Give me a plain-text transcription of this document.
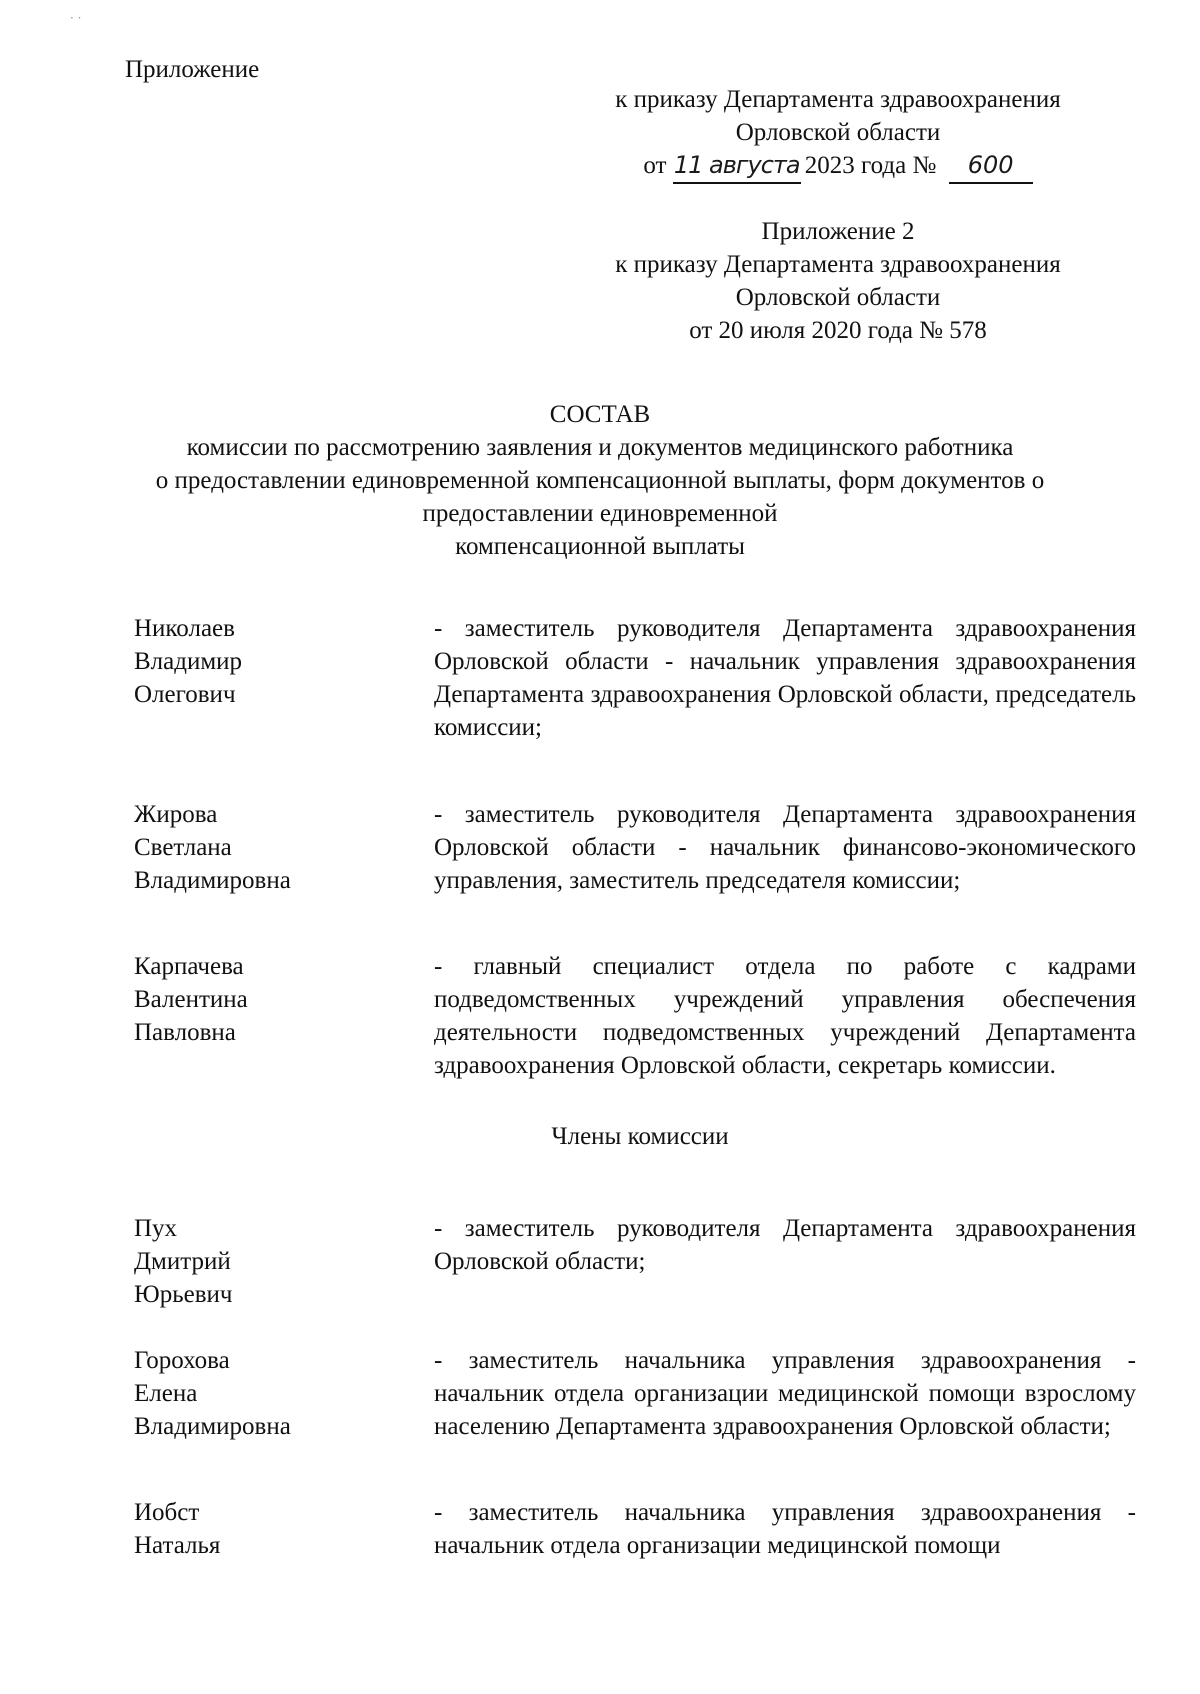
· ·
Приложение
к приказу Департамента здравоохранения
Орловской области
от 11 августа 2023 года № 600
Приложение 2
к приказу Департамента здравоохранения
Орловской области
от 20 июля 2020 года № 578
СОСТАВ
комиссии по рассмотрению заявления и документов медицинского работника
о предоставлении единовременной компенсационной выплаты, форм документов о
предоставлении единовременной
компенсационной выплаты
Николаев
Владимир
Олегович
- заместитель руководителя Департамента здравоохранения Орловской области - начальник управления здравоохранения Департамента здравоохранения Орловской области, председатель комиссии;
Жирова
Светлана
Владимировна
- заместитель руководителя Департамента здравоохранения Орловской области - начальник финансово-экономического управления, заместитель председателя комиссии;
Карпачева
Валентина
Павловна
- главный специалист отдела по работе с кадрами подведомственных учреждений управления обеспечения деятельности подведомственных учреждений Департамента здравоохранения Орловской области, секретарь комиссии.
Члены комиссии
Пух
Дмитрий
Юрьевич
- заместитель руководителя Департамента здравоохранения Орловской области;
Горохова
Елена
Владимировна
- заместитель начальника управления здравоохранения - начальник отдела организации медицинской помощи взрослому населению Департамента здравоохранения Орловской области;
Иобст
Наталья
- заместитель начальника управления здравоохранения - начальник отдела организации медицинской помощи
